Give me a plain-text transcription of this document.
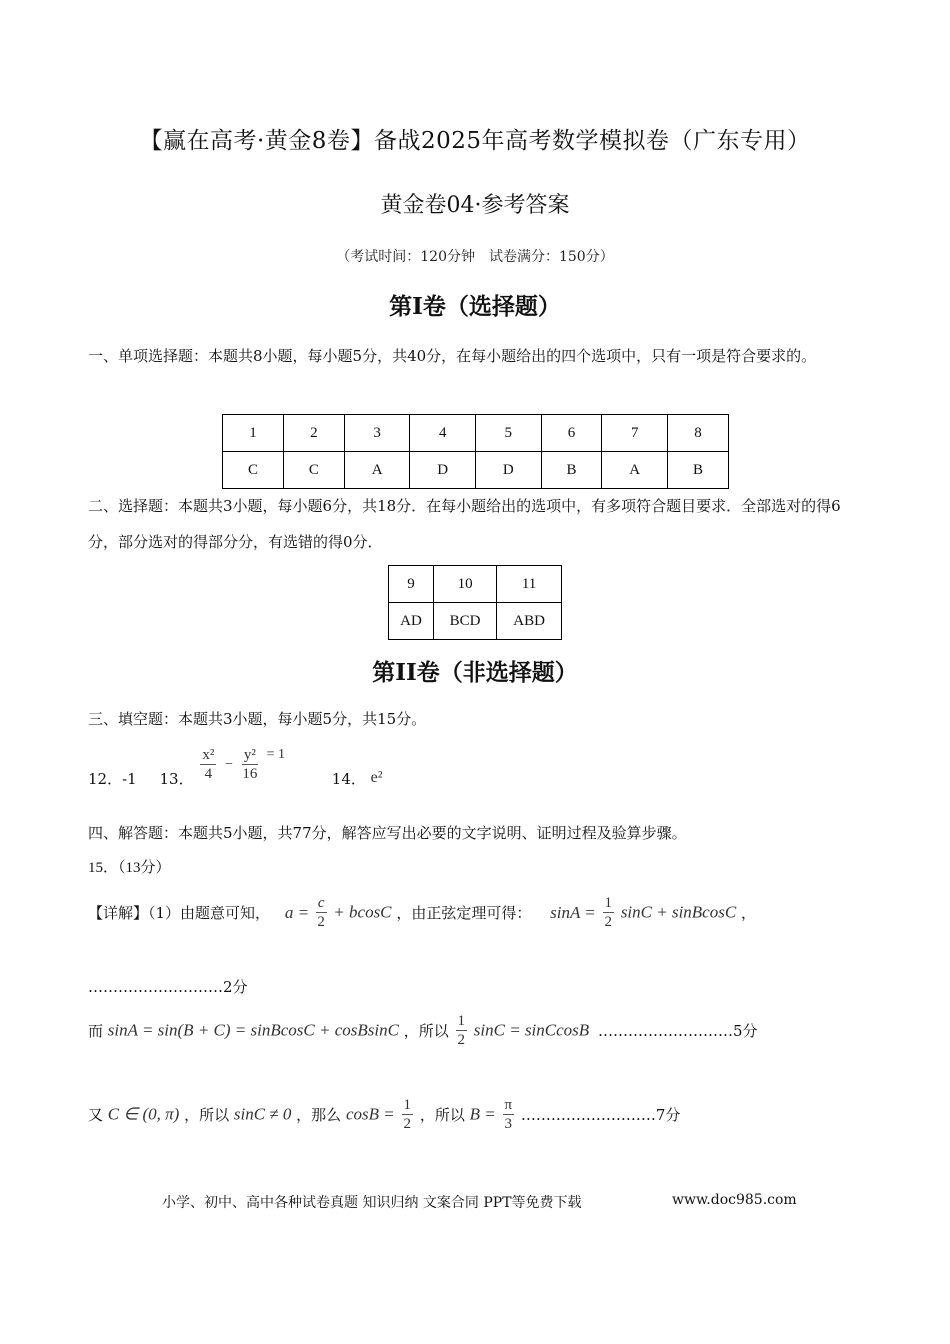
【赢在高考·黄金8卷】备战2025年高考数学模拟卷（广东专用）
黄金卷04·参考答案
（考试时间：120分钟　试卷满分：150分）
第I卷（选择题）
一、单项选择题：本题共8小题，每小题5分，共40分，在每小题给出的四个选项中，只有一项是符合要求的。
1	2	3	4	5	6	7	8
C	C	A	D	D	B	A	B
二、选择题：本题共3小题，每小题6分，共18分．在每小题给出的选项中，有多项符合题目要求．全部选对的得6分，部分选对的得部分分，有选错的得0分．
9	10	11
AD	BCD	ABD
第II卷（非选择题）
三、填空题：本题共3小题，每小题5分，共15分。
12．-1 13． $\frac{\text{x²}}{4} - \frac{\text{y²}}{16} = 1$ 14． e²
四、解答题：本题共5小题，共77分，解答应写出必要的文字说明、证明过程及验算步骤。
15．（13分）
【详解】（1）由题意可知， $a = \frac{c}{2} + bcosC$ ，由正弦定理可得： $\sin A = \frac{1}{2}$ sinC + sinBcosC ，
………………………2分
而 sinA = sin(B + C) = sinBcosC + cosBsinC ，所以 $\frac{1}{2}$ sinC = sinCcosB ………………………5分
又 C ∈ (0, π) ，所以 sinC ≠ 0 ，那么 $\cos B = \frac{1}{2}$ ，所以 $B = \frac{\pi}{3}$ ………………………7分
小学、初中、高中各种试卷真题 知识归纳 文案合同 PPT等免费下载	www.doc985.com
